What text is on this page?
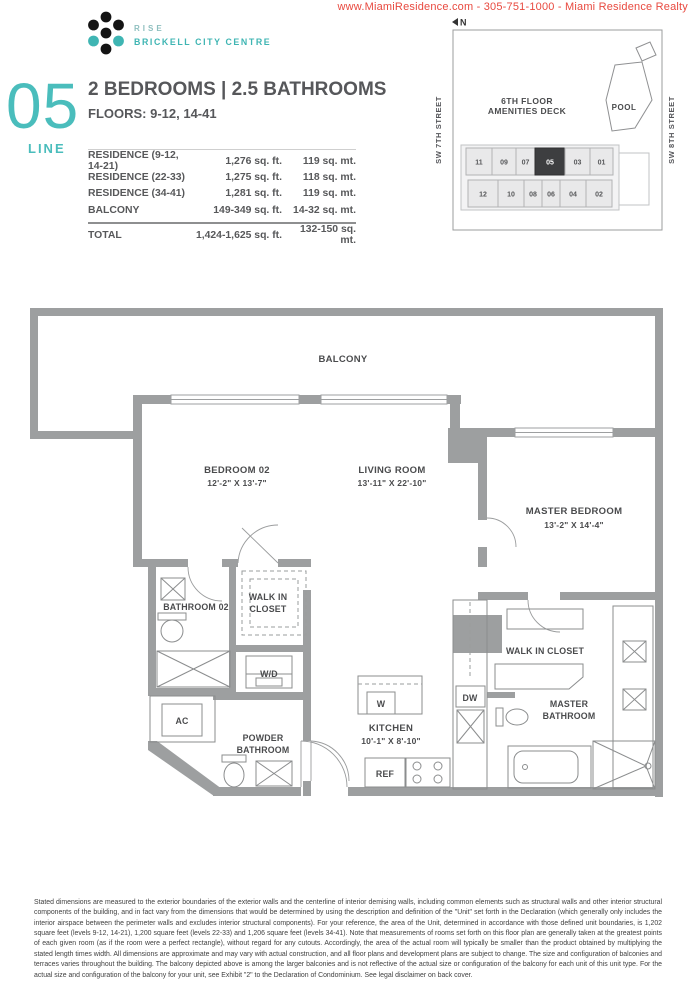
www.MiamiResidence.com - 305-751-1000 - Miami Residence Realty
RISE
BRICKELL CITY CENTRE
05
LINE
2 BEDROOMS | 2.5 BATHROOMS
FLOORS: 9-12, 14-41
RESIDENCE (9-12, 14-21)
1,276 sq. ft.	119 sq. mt.
RESIDENCE (22-33)	1,275 sq. ft.	118 sq. mt.
RESIDENCE (34-41)	1,281 sq. ft.	119 sq. mt.
BALCONY	149-349 sq. ft.	14-32 sq. mt.
TOTAL	1,424-1,625 sq. ft.	132-150 sq. mt.
N
SW 7TH STREET	SW 8TH STREET
6TH FLOOR
AMENITIES DECK	POOL
11 09 07 05	03 01
12	10 08 06 04	02
BALCONY
BEDROOM 02
12'-2" X 13'-7"
LIVING ROOM
13'-11" X 22'-10"
MASTER BEDROOM
13'-2" X 14'-4"
BATHROOM 02
WALK IN
CLOSET
W/D
AC
POWDER
BATHROOM
KITCHEN
10'-1" X 8'-10"
W
REF
DW
WALK IN CLOSET
MASTER
BATHROOM
Stated dimensions are measured to the exterior boundaries of the exterior walls and the centerline of interior demising walls, including common elements such as structural walls and other interior structural components of the building, and in fact vary from the dimensions that would be determined by using the description and definition of the "Unit" set forth in the Declaration (which generally only includes the interior airspace between the perimeter walls and excludes interior structural components). For your reference, the area of the Unit, determined in accordance with those defined unit boundaries, is 1,202 square feet (levels 9-12, 14-21), 1,200 square feet (levels 22-33) and 1,206 square feet (levels 34-41). Note that measurements of rooms set forth on this floor plan are generally taken at the greatest points of each given room (as if the room were a perfect rectangle), without regard for any cutouts. Accordingly, the area of the actual room will typically be smaller than the product obtained by multiplying the stated length times width. All dimensions are approximate and may vary with actual construction, and all floor plans and development plans are subject to change. The size and configuration of balconies and terraces varies throughout the building. The balcony depicted above is among the larger balconies and is not reflective of the actual size or configuration of the balcony for each unit of this unit type. For the actual size and configuration of the balcony for your unit, see Exhibit "2" to the Declaration of Condominium. See legal disclaimer on back cover.
